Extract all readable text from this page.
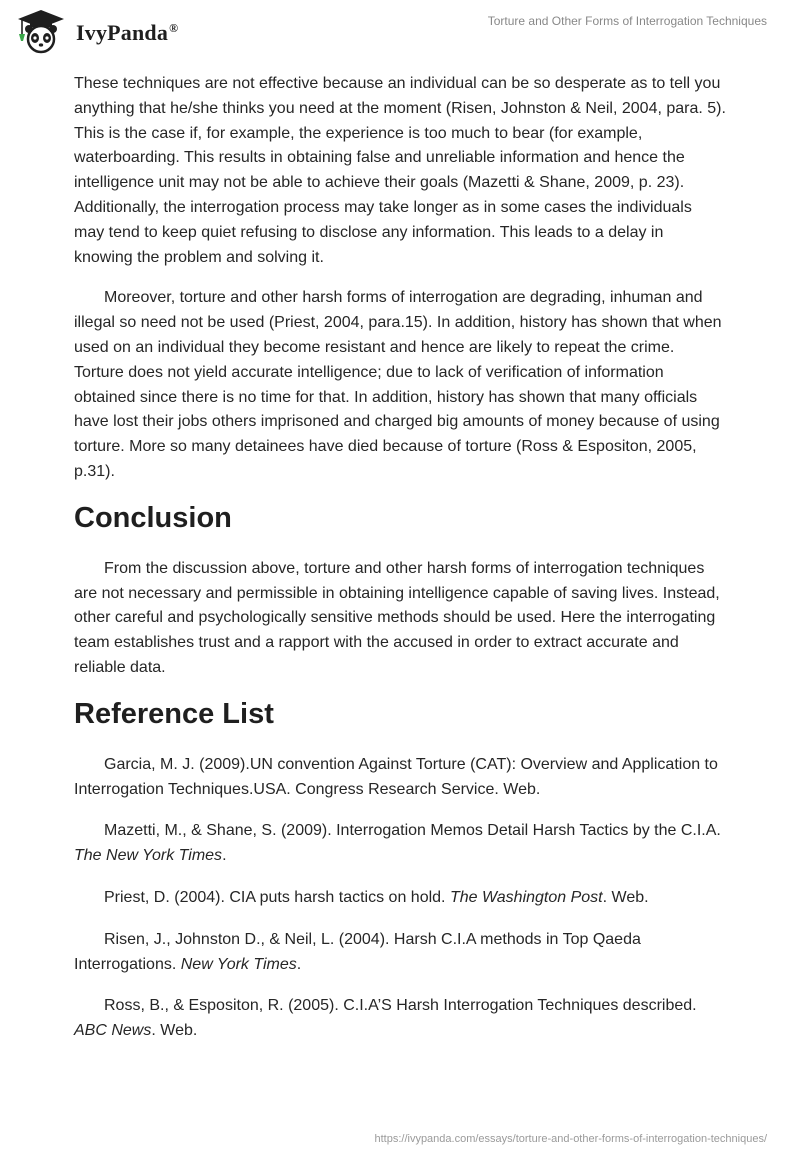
IvyPanda®	Torture and Other Forms of Interrogation Techniques

These techniques are not effective because an individual can be so desperate as to tell you anything that he/she thinks you need at the moment (Risen, Johnston & Neil, 2004, para. 5). This is the case if, for example, the experience is too much to bear (for example, waterboarding. This results in obtaining false and unreliable information and hence the intelligence unit may not be able to achieve their goals (Mazetti & Shane, 2009, p. 23). Additionally, the interrogation process may take longer as in some cases the individuals may tend to keep quiet refusing to disclose any information. This leads to a delay in knowing the problem and solving it.

Moreover, torture and other harsh forms of interrogation are degrading, inhuman and illegal so need not be used (Priest, 2004, para.15). In addition, history has shown that when used on an individual they become resistant and hence are likely to repeat the crime. Torture does not yield accurate intelligence; due to lack of verification of information obtained since there is no time for that. In addition, history has shown that many officials have lost their jobs others imprisoned and charged big amounts of money because of using torture. More so many detainees have died because of torture (Ross & Espositon, 2005, p.31).

Conclusion

From the discussion above, torture and other harsh forms of interrogation techniques are not necessary and permissible in obtaining intelligence capable of saving lives. Instead, other careful and psychologically sensitive methods should be used. Here the interrogating team establishes trust and a rapport with the accused in order to extract accurate and reliable data.

Reference List

Garcia, M. J. (2009).UN convention Against Torture (CAT): Overview and Application to Interrogation Techniques.USA. Congress Research Service. Web.

Mazetti, M., & Shane, S. (2009). Interrogation Memos Detail Harsh Tactics by the C.I.A. The New York Times.

Priest, D. (2004). CIA puts harsh tactics on hold. The Washington Post. Web.

Risen, J., Johnston D., & Neil, L. (2004). Harsh C.I.A methods in Top Qaeda Interrogations. New York Times.

Ross, B., & Espositon, R. (2005). C.I.A’S Harsh Interrogation Techniques described. ABC News. Web.

https://ivypanda.com/essays/torture-and-other-forms-of-interrogation-techniques/
